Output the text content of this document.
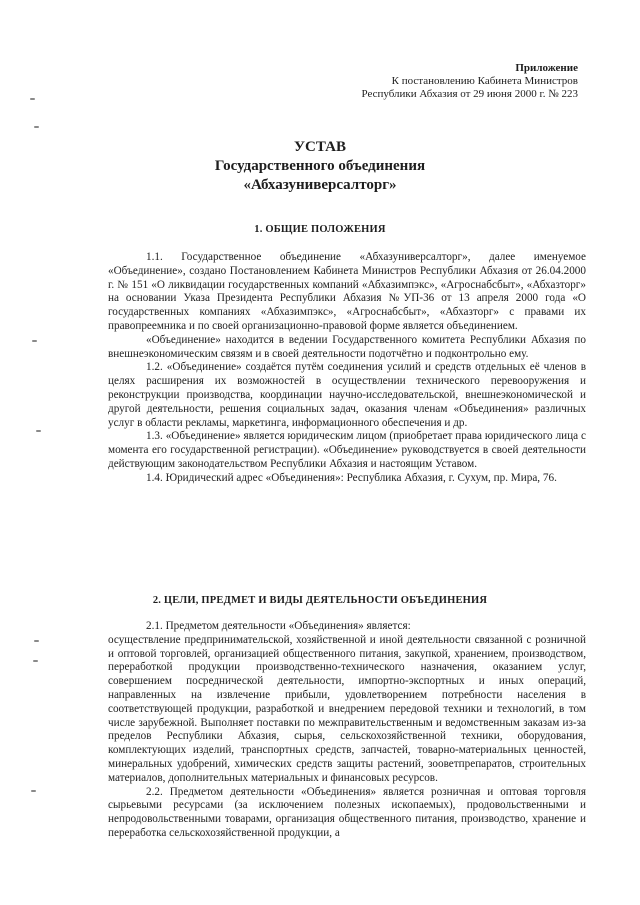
Приложение
К постановлению Кабинета Министров
Республики Абхазия от 29 июня 2000 г. № 223
УСТАВ
Государственного объединения
«Абхазуниверсалторг»
1. ОБЩИЕ ПОЛОЖЕНИЯ

1.1. Государственное объединение «Абхазуниверсалторг», далее именуемое «Объединение», создано Постановлением Кабинета Министров Республики Абхазия от 26.04.2000 г. № 151 «О ликвидации государственных компаний «Абхазимпэкс», «Агроснабсбыт», «Абхазторг» на основании Указа Президента Республики Абхазия №УП-36 от 13 апреля 2000 года «О государственных компаниях «Абхазимпэкс», «Агроснабсбыт», «Абхазторг» с правами их правопреемника и по своей организационно-правовой форме является объединением.

«Объединение» находится в ведении Государственного комитета Республики Абхазия по внешнеэкономическим связям и в своей деятельности подотчётно и подконтрольно ему.

1.2. «Объединение» создаётся путём соединения усилий и средств отдельных её членов в целях расширения их возможностей в осуществлении технического перевооружения и реконструкции производства, координации научно-исследовательской, внешнеэкономической и другой деятельности, решения социальных задач, оказания членам «Объединения» различных услуг в области рекламы, маркетинга, информационного обеспечения и др.

1.3. «Объединение» является юридическим лицом (приобретает права юридического лица с момента его государственной регистрации). «Объединение» руководствуется в своей деятельности действующим законодательством Республики Абхазия и настоящим Уставом.

1.4. Юридический адрес «Объединения»: Республика Абхазия, г. Сухум, пр. Мира, 76.

2. ЦЕЛИ, ПРЕДМЕТ И ВИДЫ ДЕЯТЕЛЬНОСТИ ОБЪЕДИНЕНИЯ

2.1. Предметом деятельности «Объединения» является:

осуществление предпринимательской, хозяйственной и иной деятельности связанной с розничной и оптовой торговлей, организацией общественного питания, закупкой, хранением, производством, переработкой продукции производственно-технического назначения, оказанием услуг, совершением посреднической деятельности, импортно-экспортных и иных операций, направленных на извлечение прибыли, удовлетворением потребности населения в соответствующей продукции, разработкой и внедрением передовой техники и технологий, в том числе зарубежной. Выполняет поставки по межправительственным и ведомственным заказам из-за пределов Республики Абхазия, сырья, сельскохозяйственной техники, оборудования, комплектующих изделий, транспортных средств, запчастей, товарно-материальных ценностей, минеральных удобрений, химических средств защиты растений, зооветпрепаратов, строительных материалов, дополнительных материальных и финансовых ресурсов.

2.2. Предметом деятельности «Объединения» является розничная и оптовая торговля сырьевыми ресурсами (за исключением полезных ископаемых), продовольственными и непродовольственными товарами, организация общественного питания, производство, хранение и переработка сельскохозяйственной продукции, а
